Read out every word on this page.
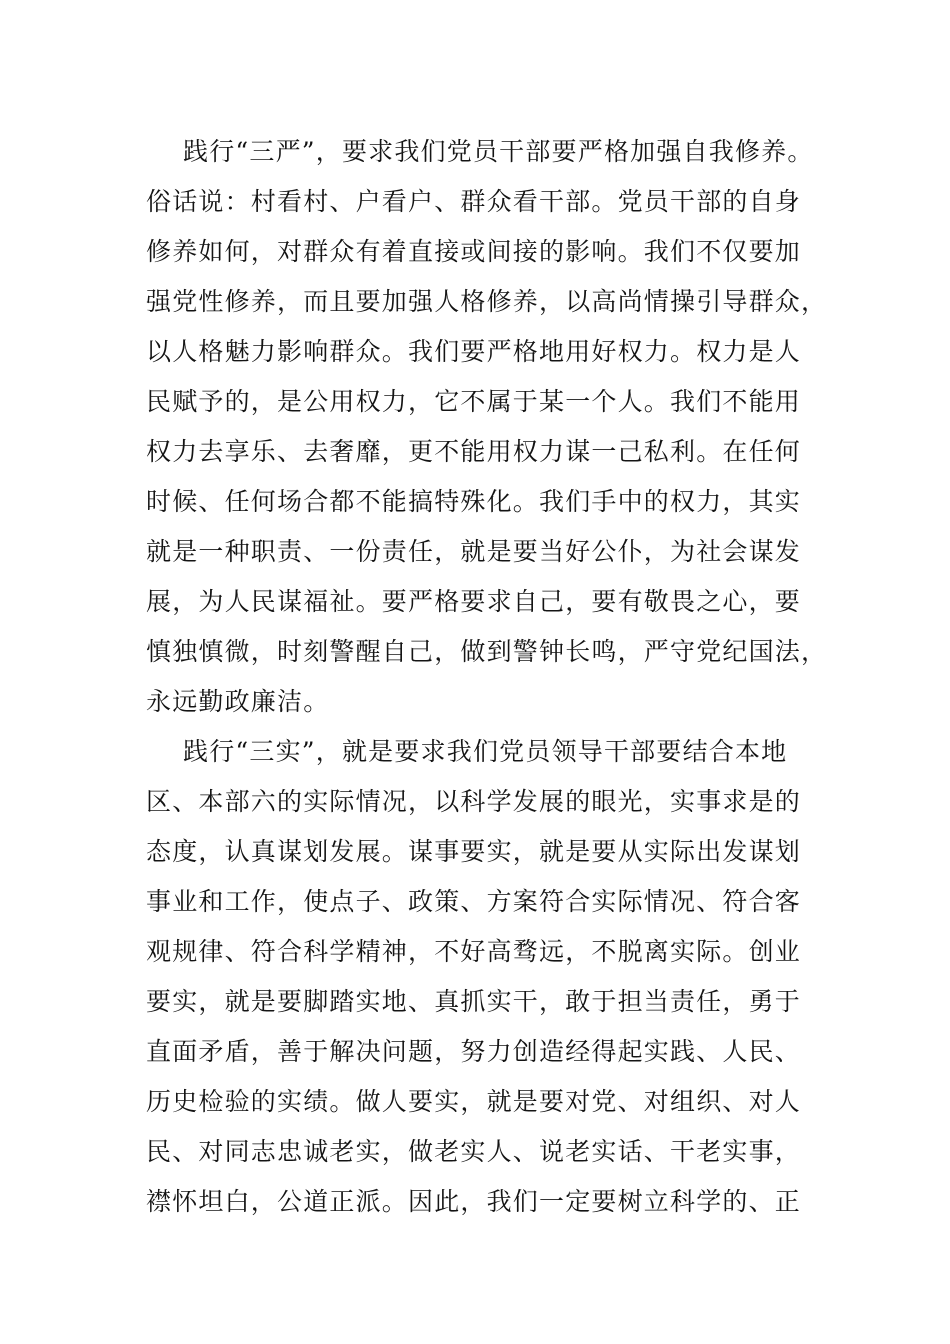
践行“三严”，要求我们党员干部要严格加强自我修养。
俗话说：村看村、户看户、群众看干部。党员干部的自身
修养如何，对群众有着直接或间接的影响。我们不仅要加
强党性修养，而且要加强人格修养，以高尚情操引导群众，
以人格魅力影响群众。我们要严格地用好权力。权力是人
民赋予的，是公用权力，它不属于某一个人。我们不能用
权力去享乐、去奢靡，更不能用权力谋一己私利。在任何
时候、任何场合都不能搞特殊化。我们手中的权力，其实
就是一种职责、一份责任，就是要当好公仆，为社会谋发
展，为人民谋福祉。要严格要求自己，要有敬畏之心，要
慎独慎微，时刻警醒自己，做到警钟长鸣，严守党纪国法，
永远勤政廉洁。
践行“三实”，就是要求我们党员领导干部要结合本地
区、本部六的实际情况，以科学发展的眼光，实事求是的
态度，认真谋划发展。谋事要实，就是要从实际出发谋划
事业和工作，使点子、政策、方案符合实际情况、符合客
观规律、符合科学精神，不好高骛远，不脱离实际。创业
要实，就是要脚踏实地、真抓实干，敢于担当责任，勇于
直面矛盾，善于解决问题，努力创造经得起实践、人民、
历史检验的实绩。做人要实，就是要对党、对组织、对人
民、对同志忠诚老实，做老实人、说老实话、干老实事，
襟怀坦白，公道正派。因此，我们一定要树立科学的、正
